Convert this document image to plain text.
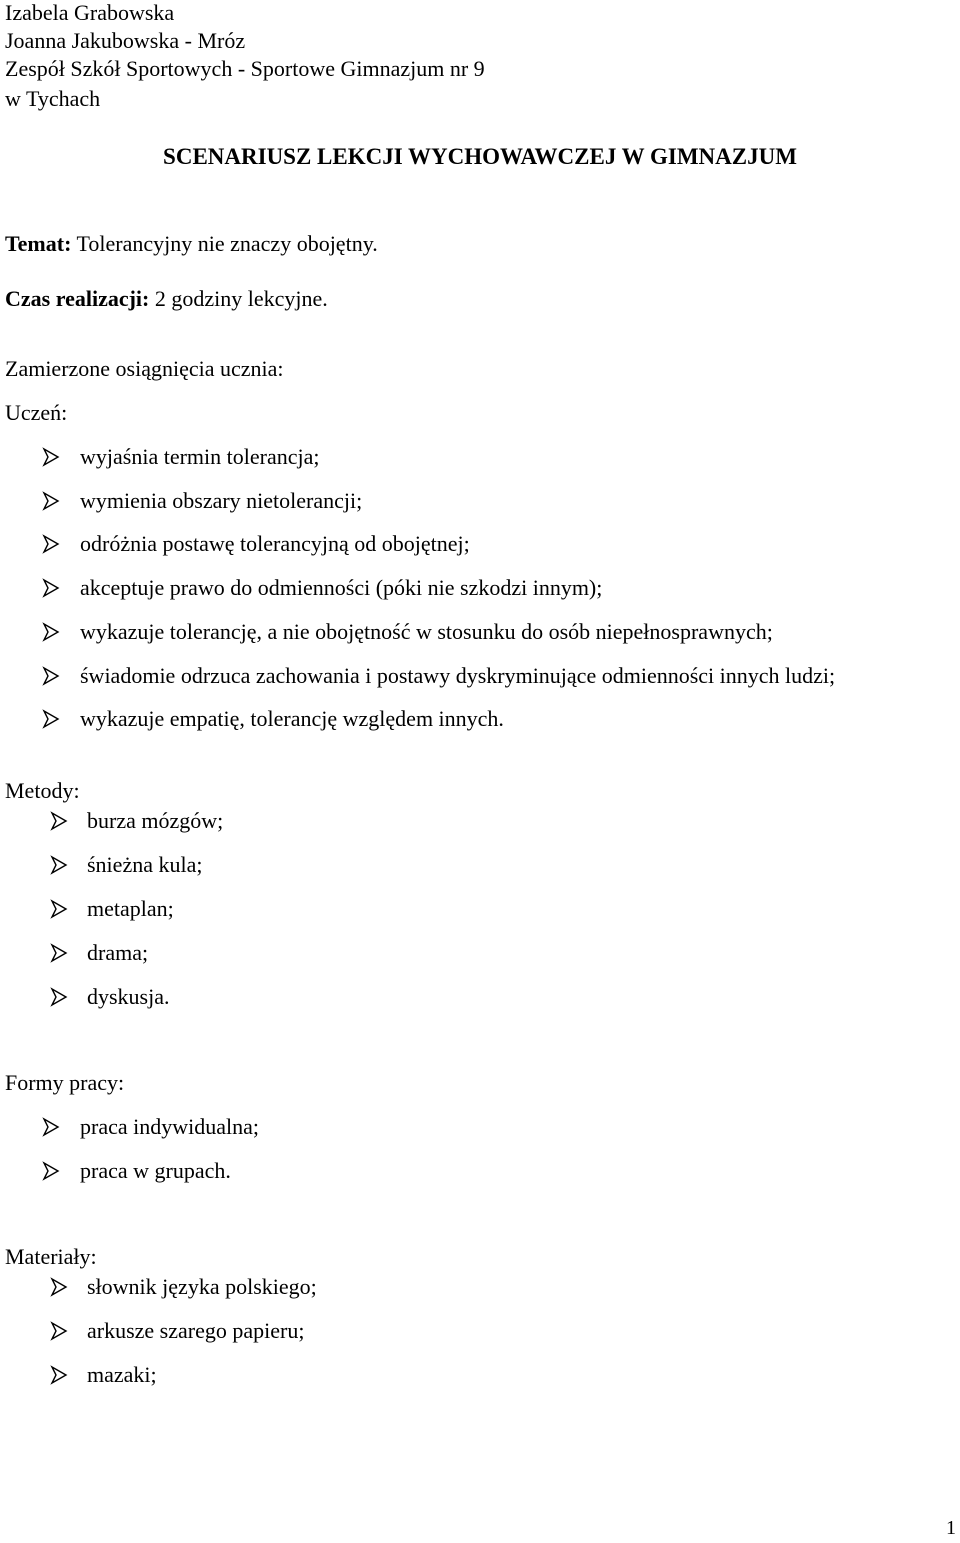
Izabela Grabowska
Joanna Jakubowska - Mróz
Zespół Szkół Sportowych - Sportowe Gimnazjum nr 9
w Tychach
SCENARIUSZ LEKCJI WYCHOWAWCZEJ W GIMNAZJUM
Temat: Tolerancyjny nie znaczy obojętny.
Czas realizacji: 2 godziny lekcyjne.
Zamierzone osiągnięcia ucznia:
Uczeń:
wyjaśnia termin tolerancja;
wymienia obszary nietolerancji;
odróżnia postawę tolerancyjną od obojętnej;
akceptuje prawo do odmienności (póki nie szkodzi innym);
wykazuje tolerancję, a nie obojętność w stosunku do osób niepełnosprawnych;
świadomie odrzuca zachowania i postawy dyskryminujące odmienności innych ludzi;
wykazuje empatię, tolerancję względem innych.
Metody:
burza mózgów;
śnieżna kula;
metaplan;
drama;
dyskusja.
Formy pracy:
praca indywidualna;
praca w grupach.
Materiały:
słownik języka polskiego;
arkusze szarego papieru;
mazaki;
1
